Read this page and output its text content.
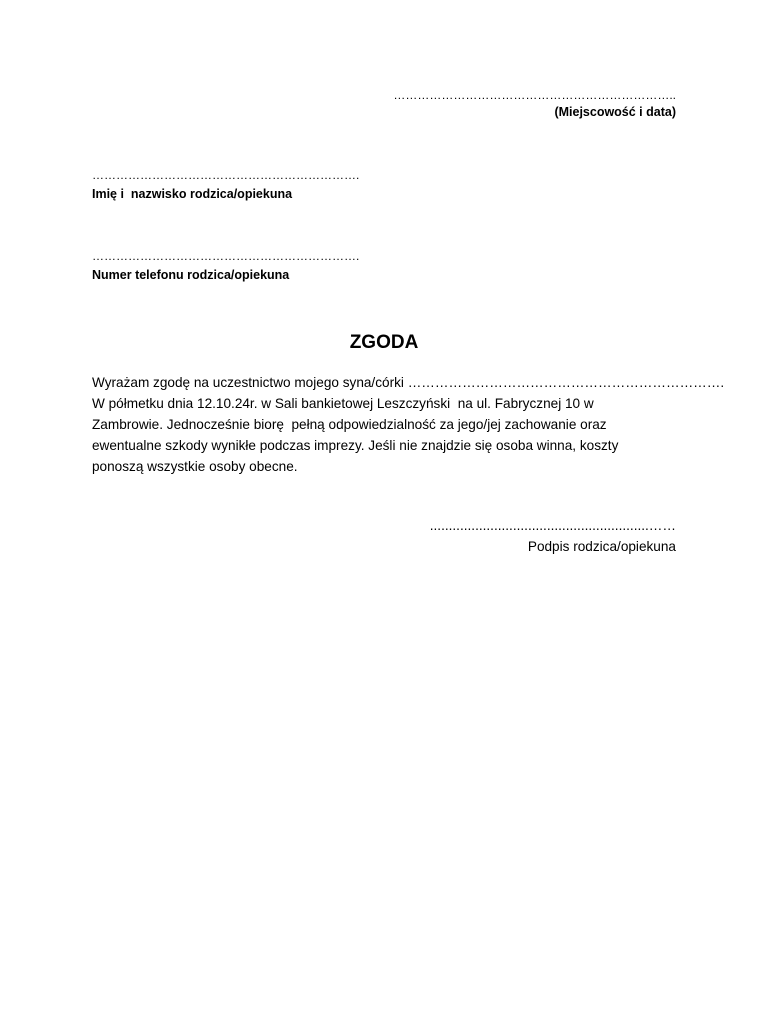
……………………………………………………………..
(Miejscowość i data)
………………………………………………………….
Imię i  nazwisko rodzica/opiekuna
………………………………………………………….
Numer telefonu rodzica/opiekuna
ZGODA
Wyrażam zgodę na uczestnictwo mojego syna/córki …………………………………………………………….
W półmetku dnia 12.10.24r. w Sali bankietowej Leszczyński  na ul. Fabrycznej 10 w
Zambrowie. Jednocześnie biorę  pełną odpowiedzialność za jego/jej zachowanie oraz
ewentualne szkody wynikłe podczas imprezy. Jeśli nie znajdzie się osoba winna, koszty
ponoszą wszystkie osoby obecne.
..........................................................……
Podpis rodzica/opiekuna
